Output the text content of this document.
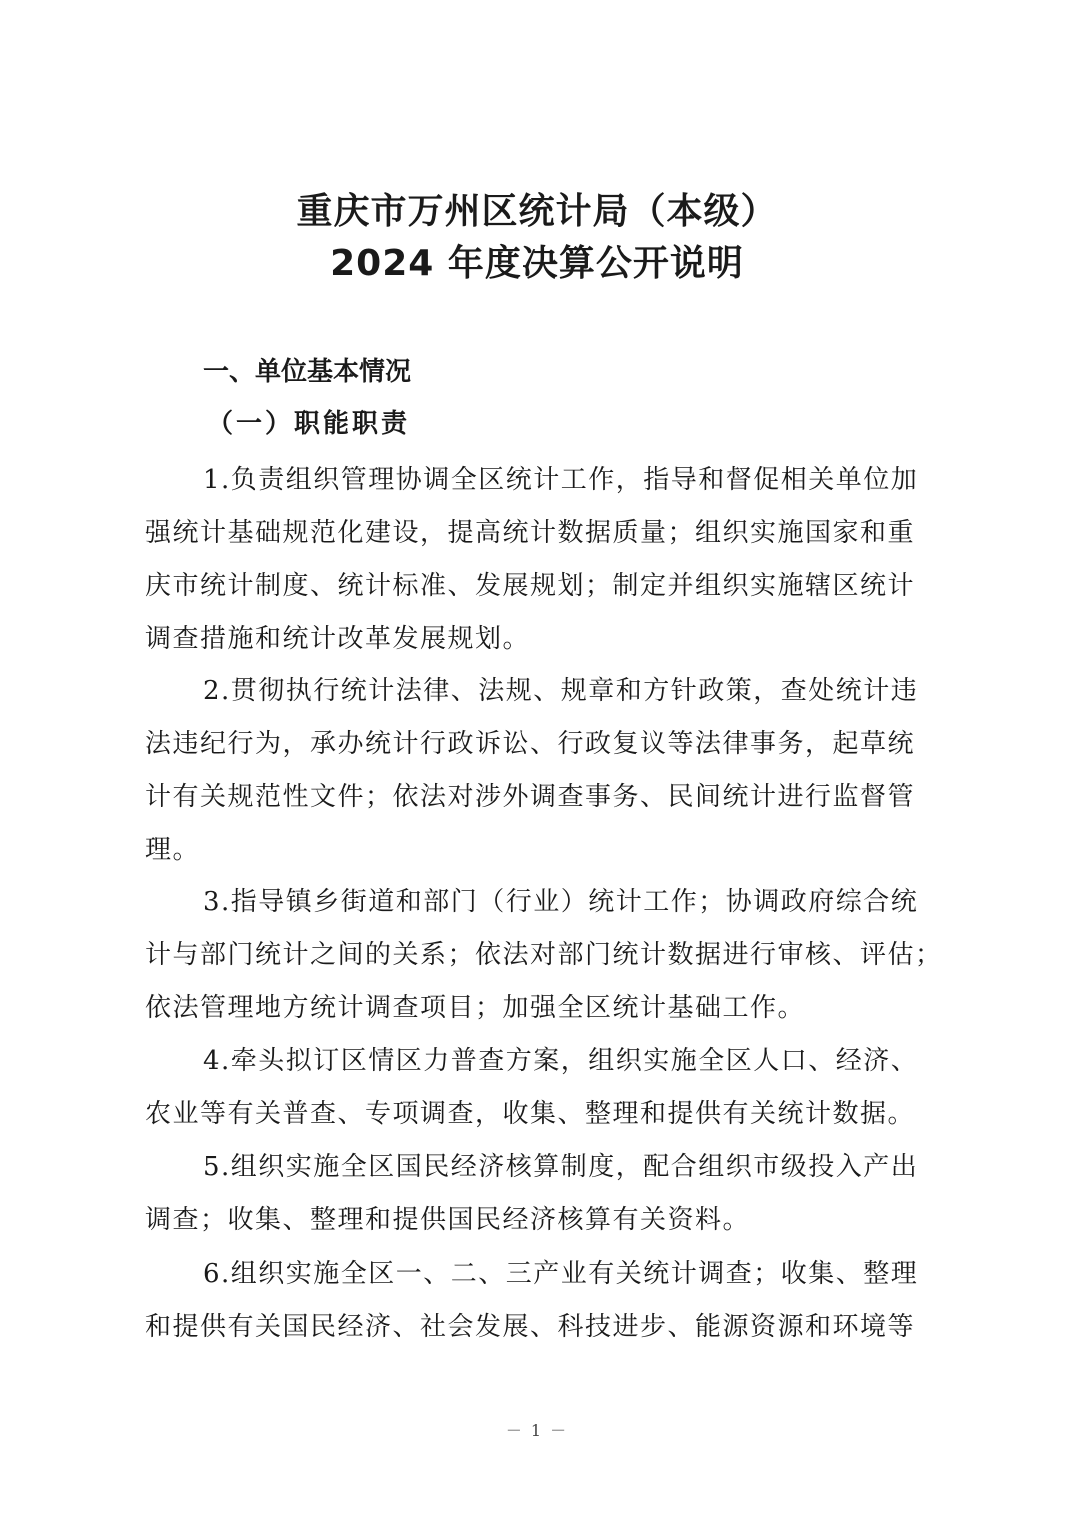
重庆市万州区统计局（本级）
2024 年度决算公开说明
一、单位基本情况
（一）职能职责
1.负责组织管理协调全区统计工作，指导和督促相关单位加
强统计基础规范化建设，提高统计数据质量；组织实施国家和重
庆市统计制度、统计标准、发展规划；制定并组织实施辖区统计
调查措施和统计改革发展规划。
2.贯彻执行统计法律、法规、规章和方针政策，查处统计违
法违纪行为，承办统计行政诉讼、行政复议等法律事务，起草统
计有关规范性文件；依法对涉外调查事务、民间统计进行监督管
理。
3.指导镇乡街道和部门（行业）统计工作；协调政府综合统
计与部门统计之间的关系；依法对部门统计数据进行审核、评估；
依法管理地方统计调查项目；加强全区统计基础工作。
4.牵头拟订区情区力普查方案，组织实施全区人口、经济、
农业等有关普查、专项调查，收集、整理和提供有关统计数据。
5.组织实施全区国民经济核算制度，配合组织市级投入产出
调查；收集、整理和提供国民经济核算有关资料。
6.组织实施全区一、二、三产业有关统计调查；收集、整理
和提供有关国民经济、社会发展、科技进步、能源资源和环境等
－ 1 －
